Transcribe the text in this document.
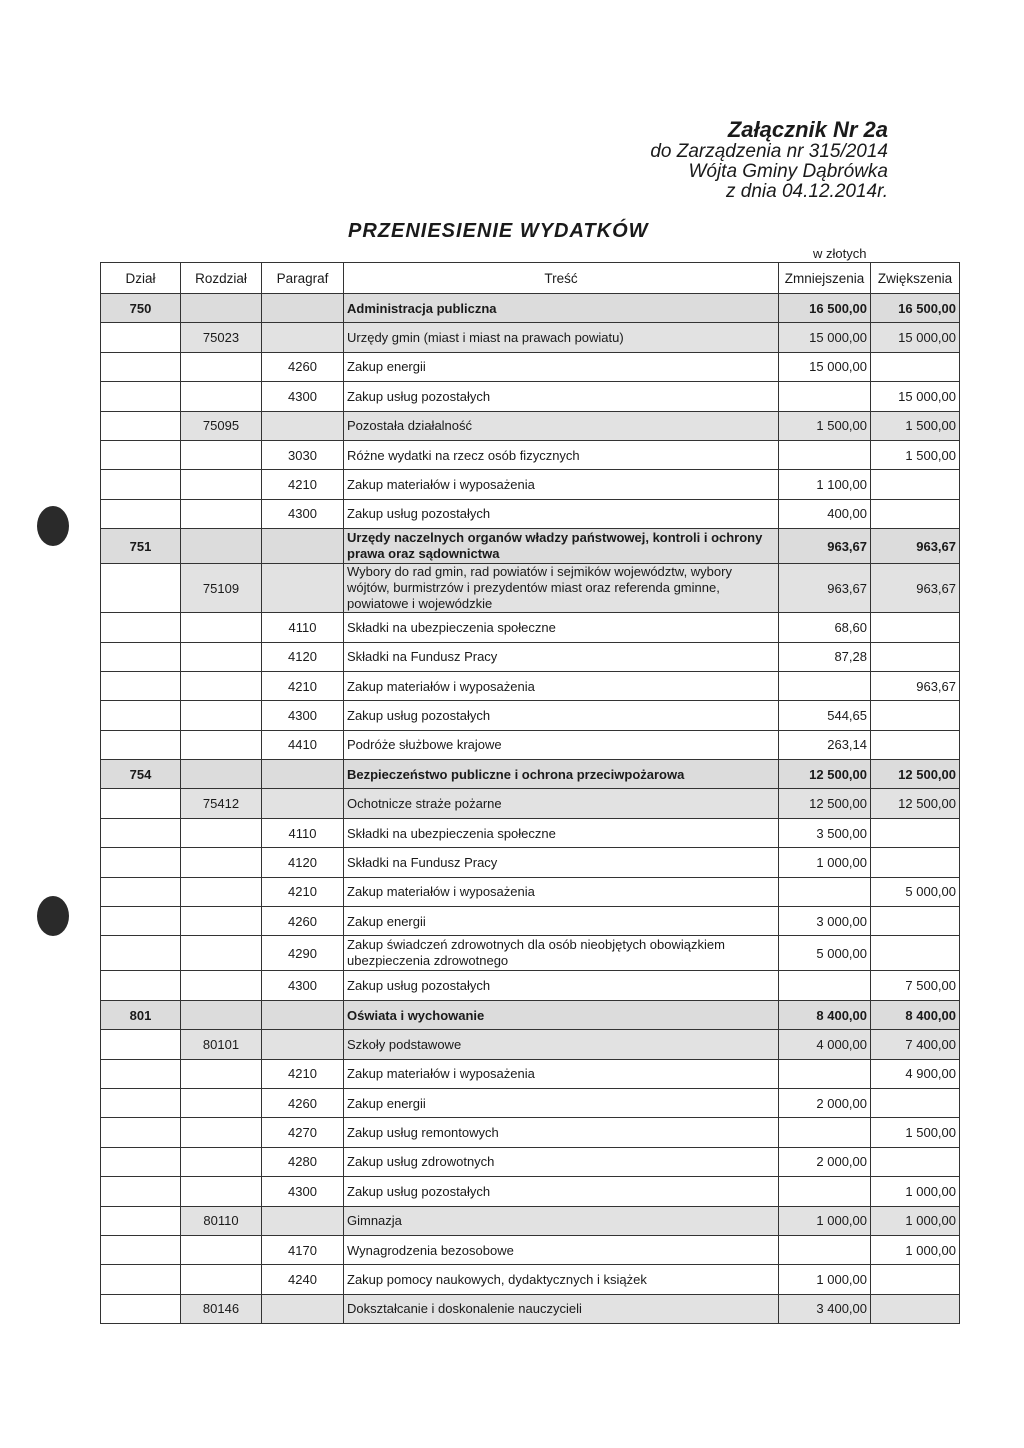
Załącznik Nr 2a
do Zarządzenia nr 315/2014
Wójta Gminy Dąbrówka
z dnia 04.12.2014r.
PRZENIESIENIE WYDATKÓW
w złotych
Dział	Rozdział	Paragraf	Treść	Zmniejszenia	Zwiększenia
750			Administracja publiczna	16 500,00	16 500,00
	75023		Urzędy gmin (miast i miast na prawach powiatu)	15 000,00	15 000,00
		4260	Zakup energii	15 000,00	
		4300	Zakup usług pozostałych		15 000,00
	75095		Pozostała działalność	1 500,00	1 500,00
		3030	Różne wydatki na rzecz osób fizycznych		1 500,00
		4210	Zakup materiałów i wyposażenia	1 100,00	
		4300	Zakup usług pozostałych	400,00	
751			Urzędy naczelnych organów władzy państwowej, kontroli i ochrony prawa oraz sądownictwa	963,67	963,67
	75109		Wybory do rad gmin, rad powiatów i sejmików województw, wybory wójtów, burmistrzów i prezydentów miast oraz referenda gminne, powiatowe i wojewódzkie	963,67	963,67
		4110	Składki na ubezpieczenia społeczne	68,60	
		4120	Składki na Fundusz Pracy	87,28	
		4210	Zakup materiałów i wyposażenia		963,67
		4300	Zakup usług pozostałych	544,65	
		4410	Podróże służbowe krajowe	263,14	
754			Bezpieczeństwo publiczne i ochrona przeciwpożarowa	12 500,00	12 500,00
	75412		Ochotnicze straże pożarne	12 500,00	12 500,00
		4110	Składki na ubezpieczenia społeczne	3 500,00	
		4120	Składki na Fundusz Pracy	1 000,00	
		4210	Zakup materiałów i wyposażenia		5 000,00
		4260	Zakup energii	3 000,00	
		4290	Zakup świadczeń zdrowotnych dla osób nieobjętych obowiązkiem ubezpieczenia zdrowotnego	5 000,00	
		4300	Zakup usług pozostałych		7 500,00
801			Oświata i wychowanie	8 400,00	8 400,00
	80101		Szkoły podstawowe	4 000,00	7 400,00
		4210	Zakup materiałów i wyposażenia		4 900,00
		4260	Zakup energii	2 000,00	
		4270	Zakup usług remontowych		1 500,00
		4280	Zakup usług zdrowotnych	2 000,00	
		4300	Zakup usług pozostałych		1 000,00
	80110		Gimnazja	1 000,00	1 000,00
		4170	Wynagrodzenia bezosobowe		1 000,00
		4240	Zakup pomocy naukowych, dydaktycznych i książek	1 000,00	
	80146		Dokształcanie i doskonalenie nauczycieli	3 400,00	
